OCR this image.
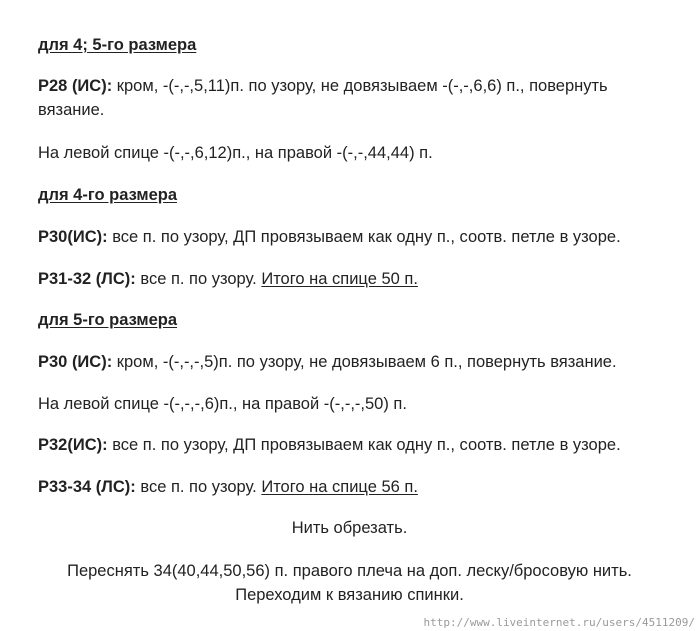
для 4; 5-го размера
Р28 (ИС): кром, -(-,-,5,11)п. по узору, не довязываем -(-,-,6,6) п., повернуть
вязание.
На левой спице -(-,-,6,12)п., на правой -(-,-,44,44) п.
для 4-го размера
Р30(ИС): все п. по узору, ДП провязываем как одну п., соотв. петле в узоре.
Р31-32 (ЛС): все п. по узору. Итого на спице 50 п.
для 5-го размера
Р30 (ИС): кром, -(-,-,-,5)п. по узору, не довязываем 6 п., повернуть вязание.
На левой спице -(-,-,-,6)п., на правой -(-,-,-,50) п.
Р32(ИС): все п. по узору, ДП провязываем как одну п., соотв. петле в узоре.
Р33-34 (ЛС): все п. по узору. Итого на спице 56 п.
Нить обрезать.
Переснять 34(40,44,50,56) п. правого плеча на доп. леску/бросовую нить.
Переходим к вязанию спинки.
http://www.liveinternet.ru/users/4511209/
